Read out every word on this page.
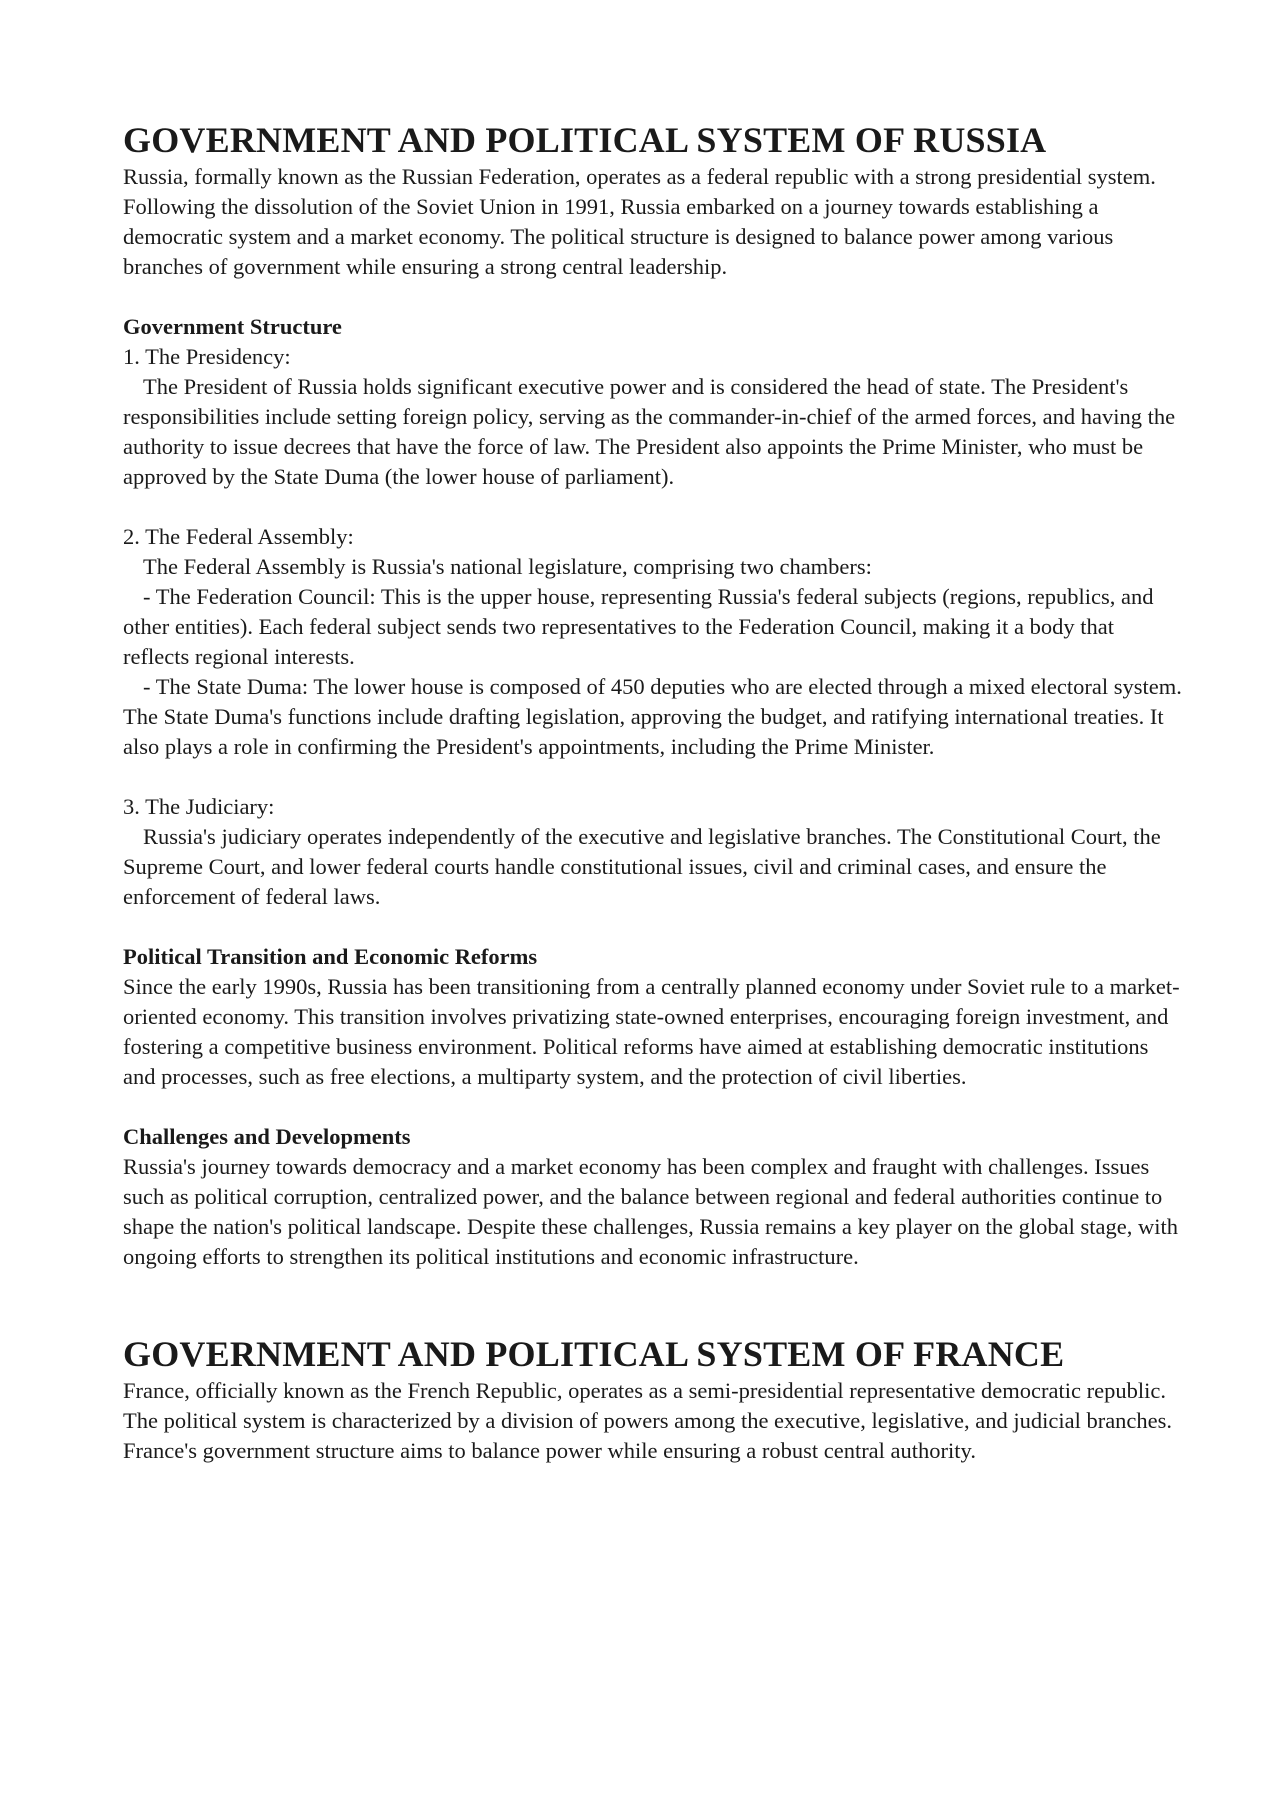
GOVERNMENT AND POLITICAL SYSTEM OF RUSSIA

Russia, formally known as the Russian Federation, operates as a federal republic with a strong presidential system. Following the dissolution of the Soviet Union in 1991, Russia embarked on a journey towards establishing a democratic system and a market economy. The political structure is designed to balance power among various branches of government while ensuring a strong central leadership.

Government Structure

1. The Presidency:

The President of Russia holds significant executive power and is considered the head of state. The President's responsibilities include setting foreign policy, serving as the commander-in-chief of the armed forces, and having the authority to issue decrees that have the force of law. The President also appoints the Prime Minister, who must be approved by the State Duma (the lower house of parliament).

2. The Federal Assembly:

The Federal Assembly is Russia's national legislature, comprising two chambers:

- The Federation Council: This is the upper house, representing Russia's federal subjects (regions, republics, and other entities). Each federal subject sends two representatives to the Federation Council, making it a body that reflects regional interests.

- The State Duma: The lower house is composed of 450 deputies who are elected through a mixed electoral system. The State Duma's functions include drafting legislation, approving the budget, and ratifying international treaties. It also plays a role in confirming the President's appointments, including the Prime Minister.

3. The Judiciary:

Russia's judiciary operates independently of the executive and legislative branches. The Constitutional Court, the Supreme Court, and lower federal courts handle constitutional issues, civil and criminal cases, and ensure the enforcement of federal laws.

Political Transition and Economic Reforms

Since the early 1990s, Russia has been transitioning from a centrally planned economy under Soviet rule to a market-oriented economy. This transition involves privatizing state-owned enterprises, encouraging foreign investment, and fostering a competitive business environment. Political reforms have aimed at establishing democratic institutions and processes, such as free elections, a multiparty system, and the protection of civil liberties.

Challenges and Developments

Russia's journey towards democracy and a market economy has been complex and fraught with challenges. Issues such as political corruption, centralized power, and the balance between regional and federal authorities continue to shape the nation's political landscape. Despite these challenges, Russia remains a key player on the global stage, with ongoing efforts to strengthen its political institutions and economic infrastructure.

GOVERNMENT AND POLITICAL SYSTEM OF FRANCE

France, officially known as the French Republic, operates as a semi-presidential representative democratic republic. The political system is characterized by a division of powers among the executive, legislative, and judicial branches. France's government structure aims to balance power while ensuring a robust central authority.
